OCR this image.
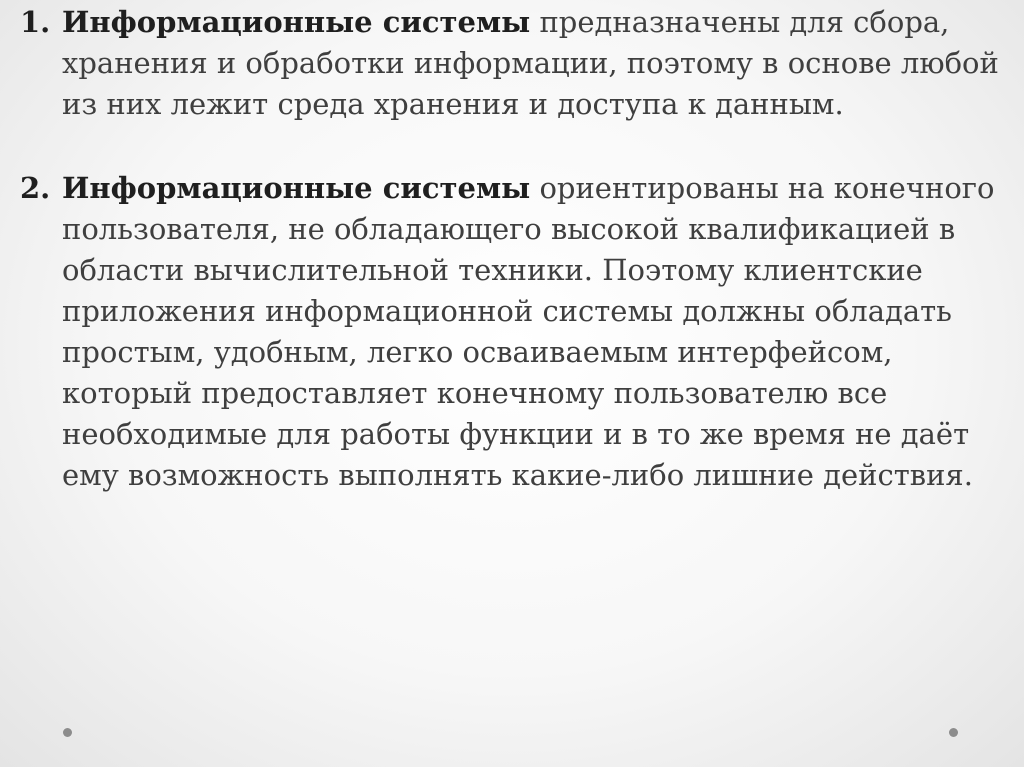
1. Информационные системы предназначены для сбора, хранения и обработки информации, поэтому в основе любой из них лежит среда хранения и доступа к данным.
2. Информационные системы ориентированы на конечного пользователя, не обладающего высокой квалификацией в области вычислительной техники. Поэтому клиентские приложения информационной системы должны обладать простым, удобным, легко осваиваемым интерфейсом, который предоставляет конечному пользователю все необходимые для работы функции и в то же время не даёт ему возможность выполнять какие-либо лишние действия.
